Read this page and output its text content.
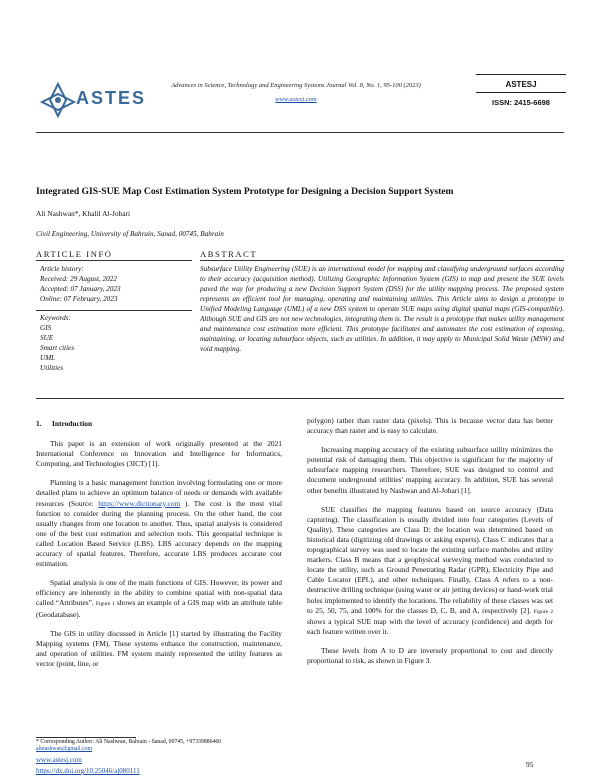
ASTES
Advances in Science, Technology and Engineering Systems Journal Vol. 8, No. 1, 95-100 (2023)
www.astesj.com
ASTESJ
ISSN: 2415-6698
Integrated GIS-SUE Map Cost Estimation System Prototype for Designing a Decision Support System
Ali Nashwan*, Khalil Al-Jobari
Civil Engineering, University of Bahrain, Sanad, 00745, Bahrain
ARTICLE INFO	ABSTRACT
Article history:
Received: 29 August, 2022
Accepted: 07 January, 2023
Online: 07 February, 2023
Keywords:
GIS
SUE
Smart cities
UML
Utilities
Subsurface Utility Engineering (SUE) is an international model for mapping and classifying underground surfaces according to their accuracy (acquisition method). Utilizing Geographic Information System (GIS) to map and present the SUE levels paved the way for producing a new Decision Support System (DSS) for the utility mapping process. The proposed system represents an efficient tool for managing, operating and maintaining utilities. This Article aims to design a prototype in Unified Modeling Language (UML) of a new DSS system to operate SUE maps using digital spatial maps (GIS-compatible). Although SUE and GIS are not new technologies, integrating them is. The result is a prototype that makes utility management and maintenance cost estimation more efficient. This prototype facilitates and automates the cost estimation of exposing, maintaining, or locating subsurface objects, such as utilities. In addition, it may apply to Municipal Solid Waste (MSW) and void mapping.

1. Introduction

This paper is an extension of work originally presented at the 2021 International Conference on Innovation and Intelligence for Informatics, Computing, and Technologies (3ICT) [1].

Planning is a basic management function involving formulating one or more detailed plans to achieve an optimum balance of needs or demands with available resources (Source: https://www.dictionary.com ). The cost is the most vital function to consider during the planning process. On the other hand, the cost usually changes from one location to another. Thus, spatial analysis is considered one of the best cost estimation and selection tools. This geospatial technique is called Location Based Service (LBS). LBS accuracy depends on the mapping accuracy of spatial features. Therefore, accurate LBS produces accurate cost estimation.

Spatial analysis is one of the main functions of GIS. However, its power and efficiency are inherently in the ability to combine spatial with non-spatial data called “Attributes”. Figure 1 shows an example of a GIS map with an attribute table (Geodatabase).

The GIS in utility discussed in Article [1] started by illustrating the Facility Mapping systems (FM). These systems enhance the construction, maintenance, and operation of utilities. FM system mainly represented the utility features as vector (point, line, or

polygon) rather than raster data (pixels). This is because vector data has better accuracy than raster and is easy to calculate.

Increasing mapping accuracy of the existing subsurface utility minimizes the potential risk of damaging them. This objective is significant for the majority of subsurface mapping researchers. Therefore, SUE was designed to control and document underground utilities' mapping accuracy. In addition, SUE has several other benefits illustrated by Nashwan and Al-Jobari [1].

SUE classifies the mapping features based on source accuracy (Data capturing). The classification is usually divided into four categories (Levels of Quality). These categories are Class D: the location was determined based on historical data (digitizing old drawings or asking experts). Class C indicates that a topographical survey was used to locate the existing surface manholes and utility markers. Class B means that a geophysical surveying method was conducted to locate the utility, such as Ground Penetrating Radar (GPR), Electricity Pipe and Cable Locator (EPL), and other techniques. Finally, Class A refers to a non-destructive drilling technique (using water or air jetting devices) or hand-work trial holes implemented to identify the locations. The reliability of these classes was set to 25, 50, 75, and 100% for the classes D, C, B, and A, respectively [2]. Figure 2 shows a typical SUE map with the level of accuracy (confidence) and depth for each feature written over it.

These levels from A to D are inversely proportional to cost and directly proportional to risk, as shown in Figure 3.

* Corresponding Author: Ali Nashwan, Bahrain - Sanad, 00745, +97339886460
alinashwan@gmail.com
www.astesj.com
https://dx.doi.org/10.25046/aj080111
95
